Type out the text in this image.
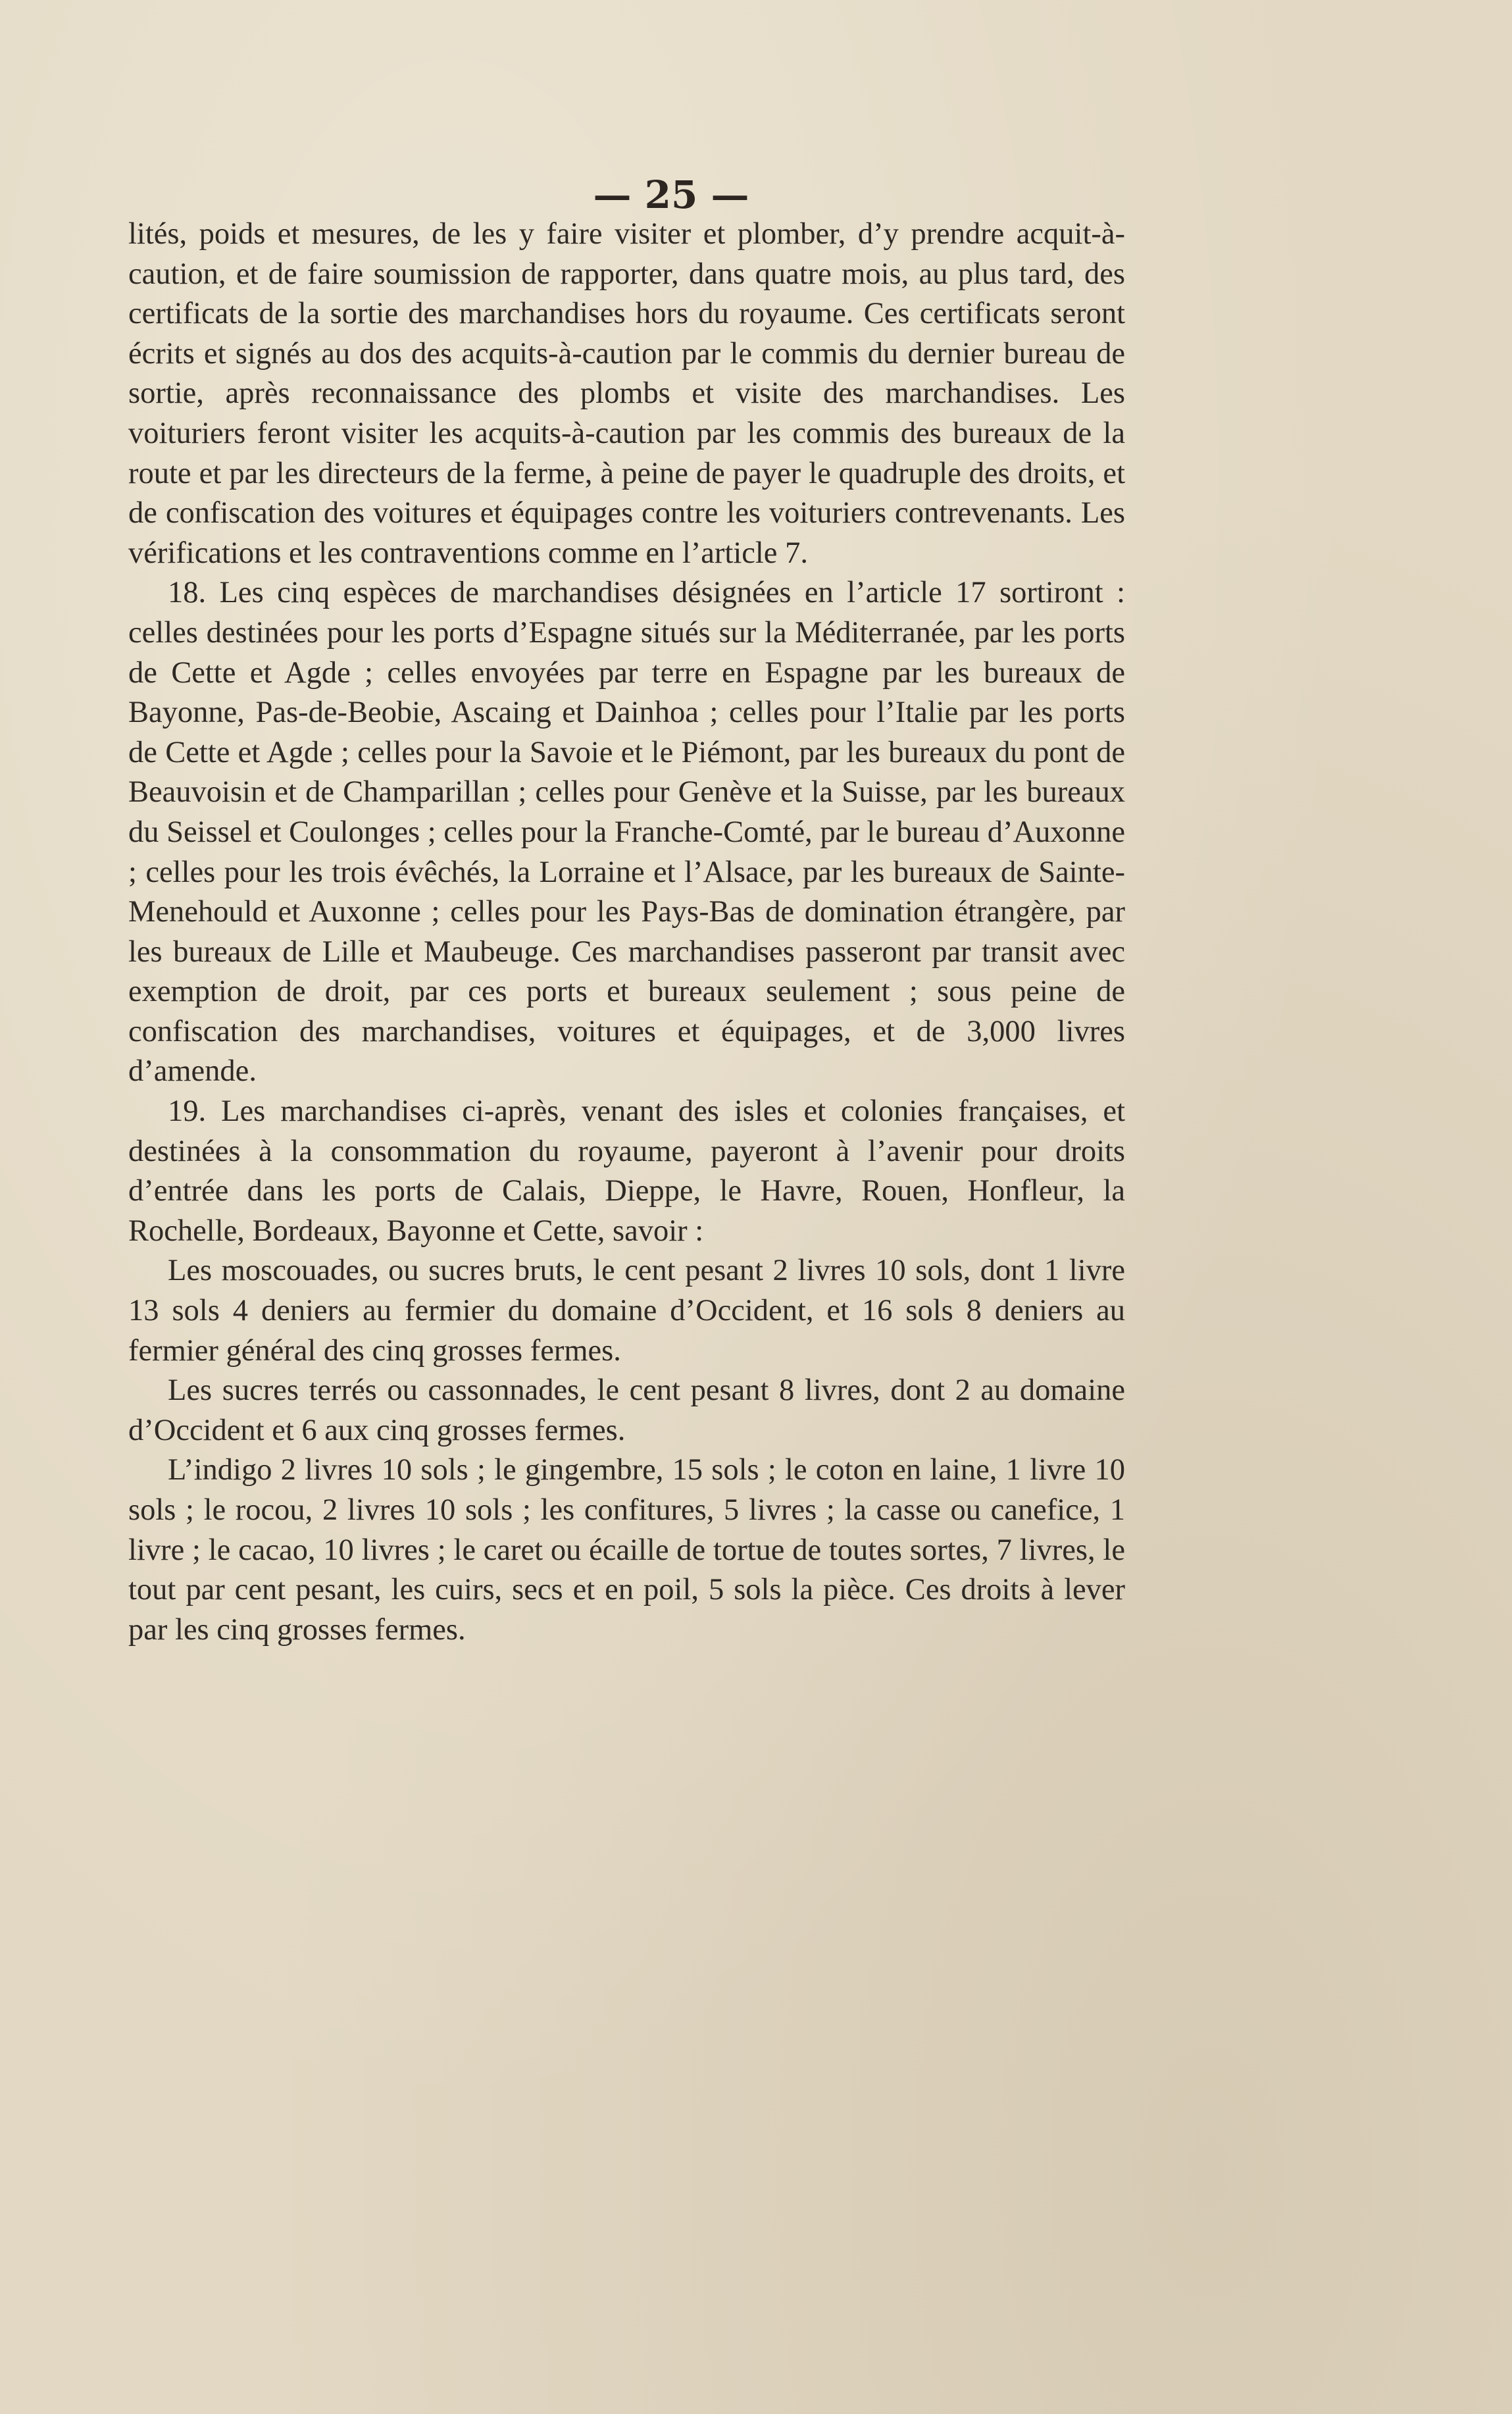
— 25 —

lités, poids et mesures, de les y faire visiter et plomber, d’y prendre acquit-à-caution, et de faire soumission de rapporter, dans quatre mois, au plus tard, des certificats de la sortie des marchandises hors du royaume. Ces certificats seront écrits et signés au dos des acquits-à-caution par le commis du dernier bureau de sortie, après reconnaissance des plombs et visite des marchandises. Les voituriers feront visiter les acquits-à-caution par les commis des bureaux de la route et par les directeurs de la ferme, à peine de payer le quadruple des droits, et de confiscation des voitures et équipages contre les voituriers contrevenants. Les vérifications et les contraventions comme en l’article 7.

18. Les cinq espèces de marchandises désignées en l’article 17 sortiront : celles destinées pour les ports d’Espagne situés sur la Méditerranée, par les ports de Cette et Agde ; celles envoyées par terre en Espagne par les bureaux de Bayonne, Pas-de-Beobie, Ascaing et Dainhoa ; celles pour l’Italie par les ports de Cette et Agde ; celles pour la Savoie et le Piémont, par les bureaux du pont de Beauvoisin et de Champarillan ; celles pour Genève et la Suisse, par les bureaux du Seissel et Coulonges ; celles pour la Franche-Comté, par le bureau d’Auxonne ; celles pour les trois évêchés, la Lorraine et l’Alsace, par les bureaux de Sainte-Menehould et Auxonne ; celles pour les Pays-Bas de domination étrangère, par les bureaux de Lille et Maubeuge. Ces marchandises passeront par transit avec exemption de droit, par ces ports et bureaux seulement ; sous peine de confiscation des marchandises, voitures et équipages, et de 3,000 livres d’amende.

19. Les marchandises ci-après, venant des isles et colonies françaises, et destinées à la consommation du royaume, payeront à l’avenir pour droits d’entrée dans les ports de Calais, Dieppe, le Havre, Rouen, Honfleur, la Rochelle, Bordeaux, Bayonne et Cette, savoir :

Les moscouades, ou sucres bruts, le cent pesant 2 livres 10 sols, dont 1 livre 13 sols 4 deniers au fermier du domaine d’Occident, et 16 sols 8 deniers au fermier général des cinq grosses fermes.

Les sucres terrés ou cassonnades, le cent pesant 8 livres, dont 2 au domaine d’Occident et 6 aux cinq grosses fermes.

L’indigo 2 livres 10 sols ; le gingembre, 15 sols ; le coton en laine, 1 livre 10 sols ; le rocou, 2 livres 10 sols ; les confitures, 5 livres ; la casse ou canefice, 1 livre ; le cacao, 10 livres ; le caret ou écaille de tortue de toutes sortes, 7 livres, le tout par cent pesant, les cuirs, secs et en poil, 5 sols la pièce. Ces droits à lever par les cinq grosses fermes.
